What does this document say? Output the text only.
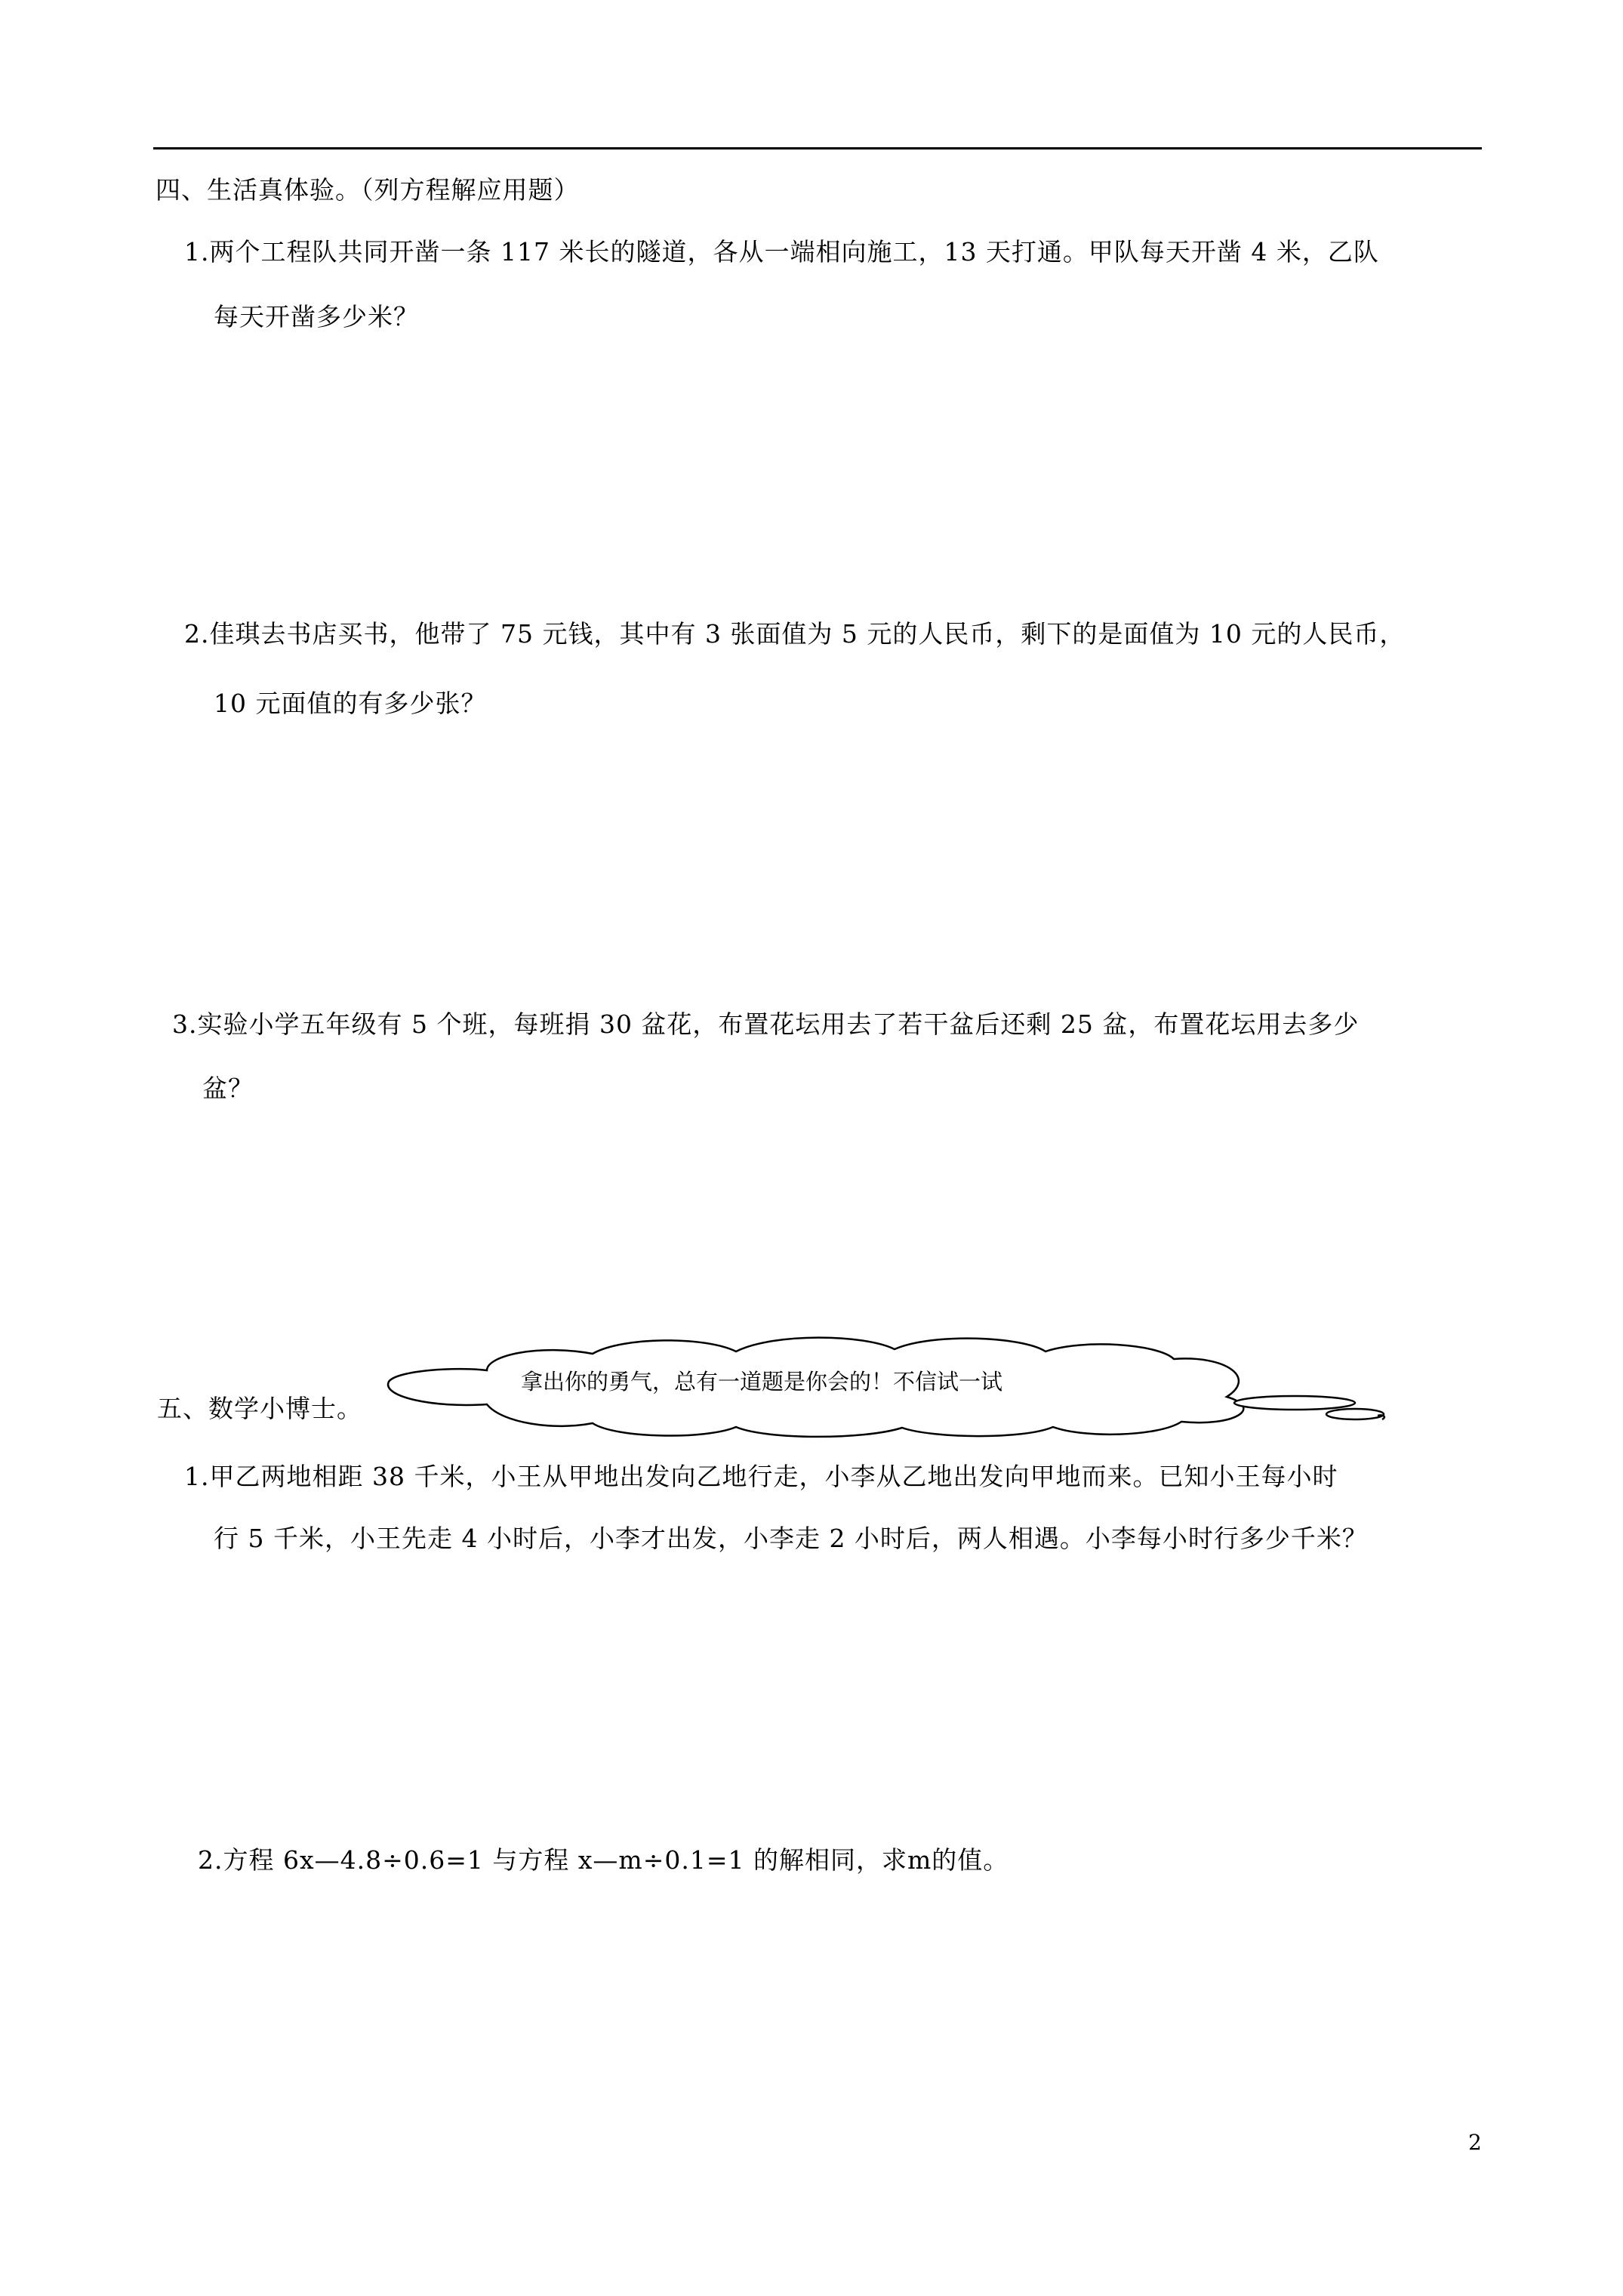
四、生活真体验。（列方程解应用题）
1.两个工程队共同开凿一条 117 米长的隧道，各从一端相向施工，13 天打通。甲队每天开凿 4 米，乙队
每天开凿多少米？
2.佳琪去书店买书，他带了 75 元钱，其中有 3 张面值为 5 元的人民币，剩下的是面值为 10 元的人民币，
10 元面值的有多少张？
3.实验小学五年级有 5 个班，每班捐 30 盆花，布置花坛用去了若干盆后还剩 25 盆，布置花坛用去多少
盆？
拿出你的勇气，总有一道题是你会的！不信试一试
五、数学小博士。
1.甲乙两地相距 38 千米，小王从甲地出发向乙地行走，小李从乙地出发向甲地而来。已知小王每小时
行 5 千米，小王先走 4 小时后，小李才出发，小李走 2 小时后，两人相遇。小李每小时行多少千米？
2.方程 6x—4.8÷0.6=1 与方程 x—m÷0.1=1 的解相同，求m的值。
2
